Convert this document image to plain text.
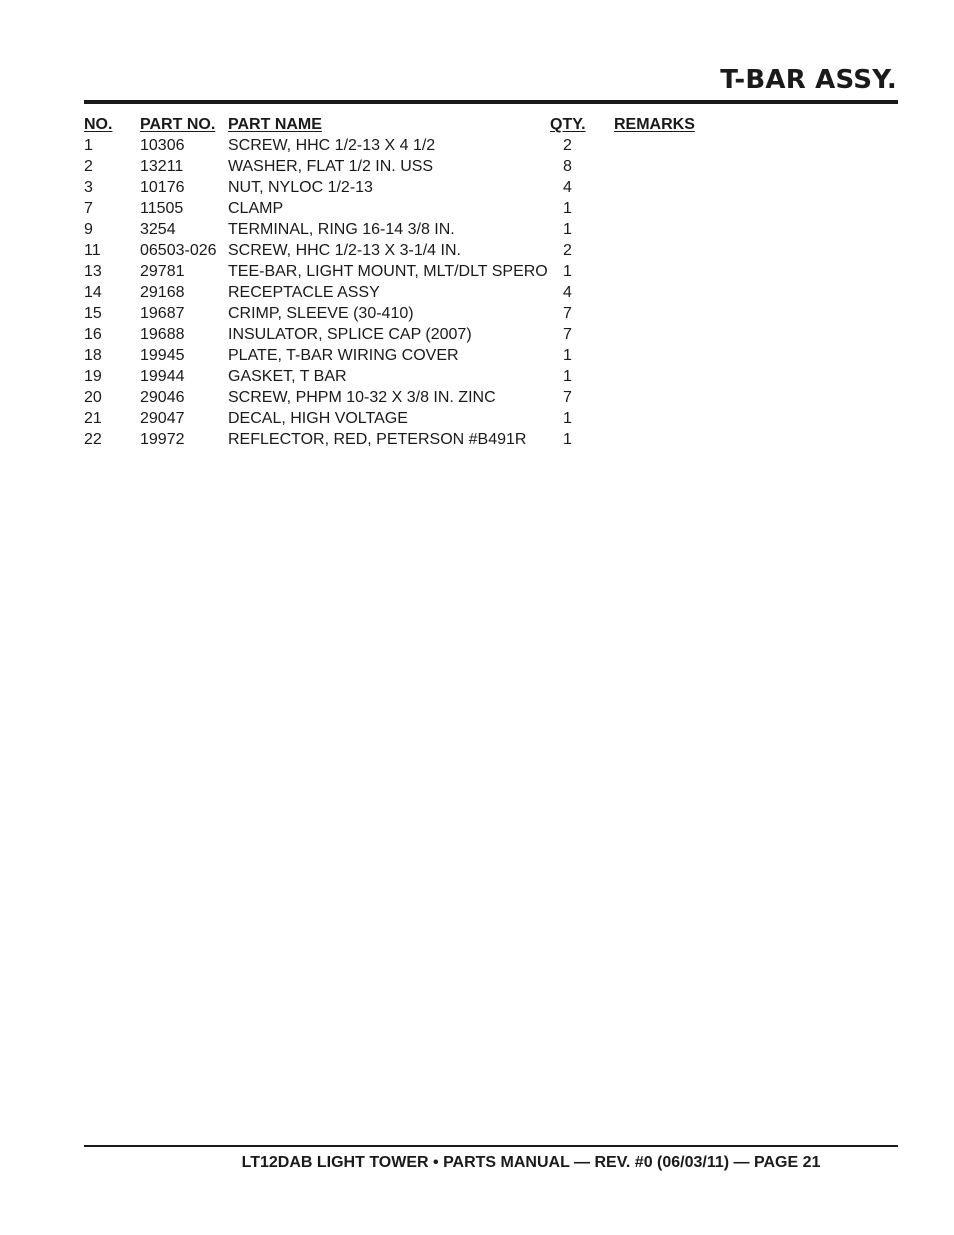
T-BAR ASSY.
NO.	PART NO.	PART NAME	QTY.	REMARKS
1	10306	SCREW, HHC 1/2-13 X 4 1/2	2	
2	13211	WASHER, FLAT 1/2 IN. USS	8	
3	10176	NUT, NYLOC 1/2-13	4	
7	11505	CLAMP	1	
9	3254	TERMINAL, RING 16-14 3/8 IN.	1	
11	06503-026	SCREW, HHC 1/2-13 X 3-1/4 IN.	2	
13	29781	TEE-BAR, LIGHT MOUNT, MLT/DLT SPERO	1	
14	29168	RECEPTACLE ASSY	4	
15	19687	CRIMP, SLEEVE (30-410)	7	
16	19688	INSULATOR, SPLICE CAP (2007)	7	
18	19945	PLATE, T-BAR WIRING COVER	1	
19	19944	GASKET, T BAR	1	
20	29046	SCREW, PHPM 10-32 X 3/8 IN. ZINC	7	
21	29047	DECAL, HIGH VOLTAGE	1	
22	19972	REFLECTOR, RED, PETERSON #B491R	1	
LT12DAB LIGHT TOWER • PARTS MANUAL — REV. #0 (06/03/11) — PAGE 21
